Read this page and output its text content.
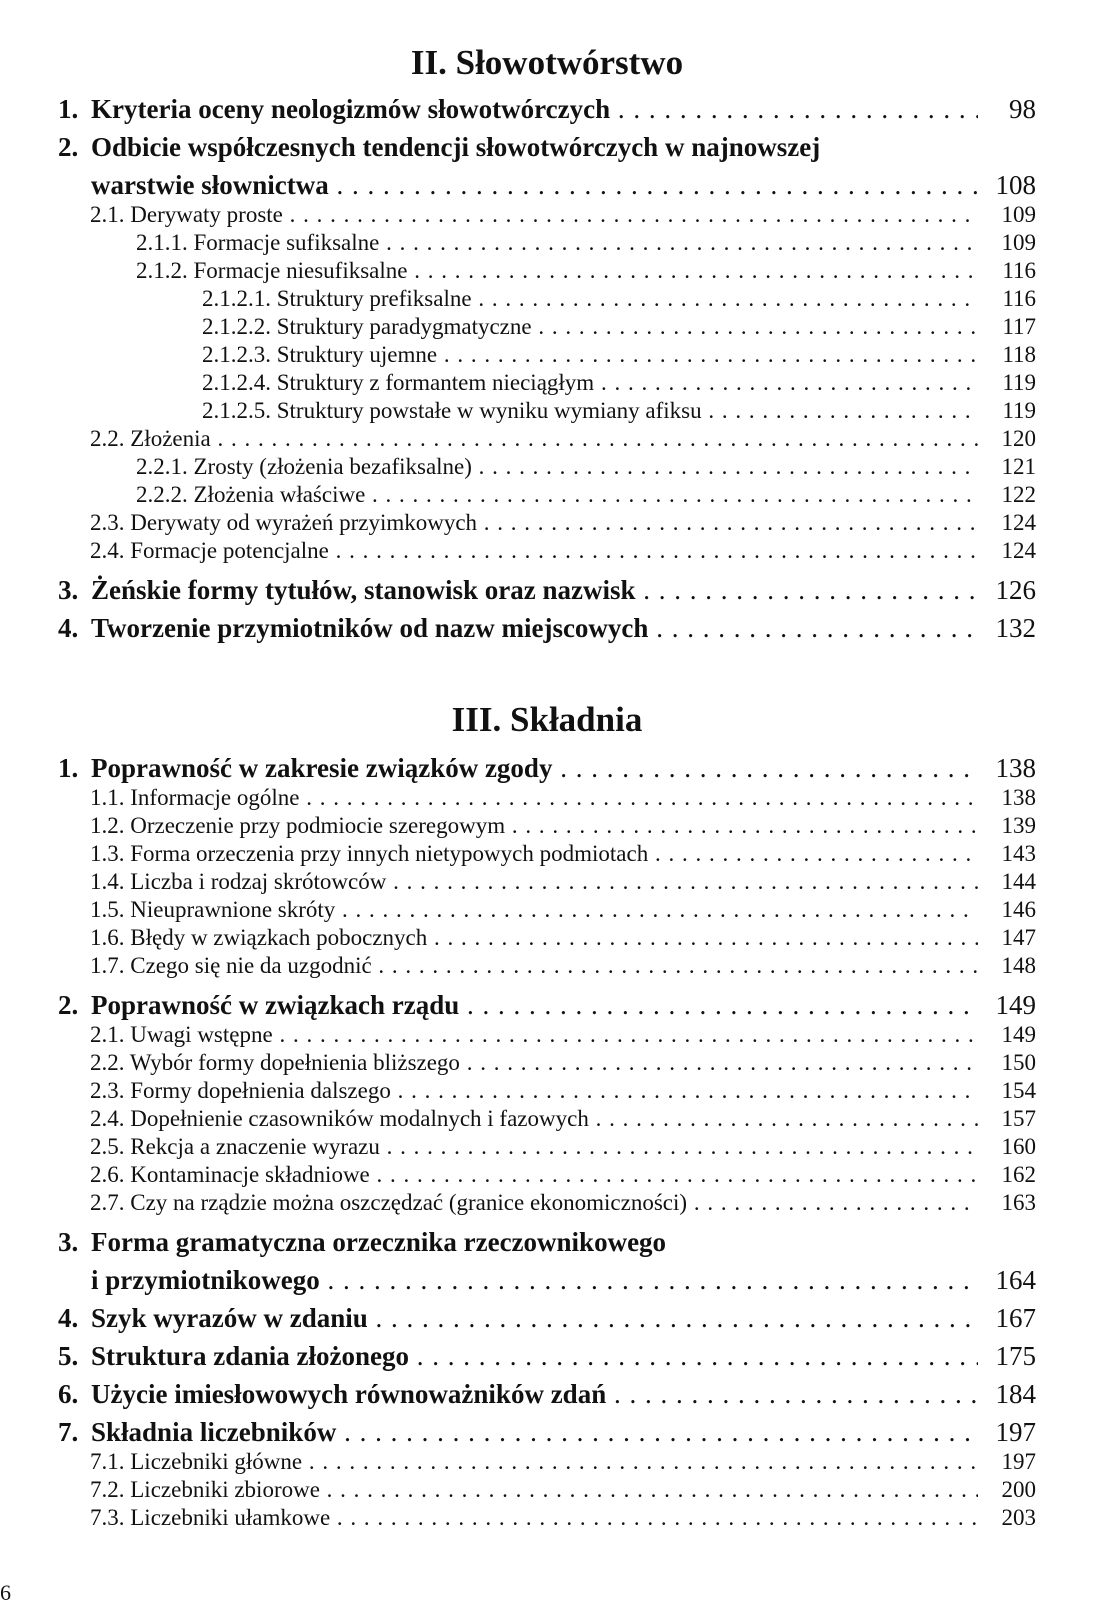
II. Słowotwórstwo
1. Kryteria oceny neologizmów słowotwórczych . . .	98
2. Odbicie współczesnych tendencji słowotwórczych w najnowszej
warstwie słownictwa . . .	108
2.1. Derywaty proste . . .	109
2.1.1. Formacje sufiksalne . . .	109
2.1.2. Formacje niesufiksalne . . .	116
2.1.2.1. Struktury prefiksalne . . .	116
2.1.2.2. Struktury paradygmatyczne . . .	117
2.1.2.3. Struktury ujemne . . .	118
2.1.2.4. Struktury z formantem nieciągłym . . .	119
2.1.2.5. Struktury powstałe w wyniku wymiany afiksu . . .	119
2.2. Złożenia . . .	120
2.2.1. Zrosty (złożenia bezafiksalne) . . .	121
2.2.2. Złożenia właściwe . . .	122
2.3. Derywaty od wyrażeń przyimkowych . . .	124
2.4. Formacje potencjalne . . .	124
3. Żeńskie formy tytułów, stanowisk oraz nazwisk . . .	126
4. Tworzenie przymiotników od nazw miejscowych . . .	132
III. Składnia
1. Poprawność w zakresie związków zgody . . .	138
1.1. Informacje ogólne . . .	138
1.2. Orzeczenie przy podmiocie szeregowym . . .	139
1.3. Forma orzeczenia przy innych nietypowych podmiotach . . .	143
1.4. Liczba i rodzaj skrótowców . . .	144
1.5. Nieuprawnione skróty . . .	146
1.6. Błędy w związkach pobocznych . . .	147
1.7. Czego się nie da uzgodnić . . .	148
2. Poprawność w związkach rządu . . .	149
2.1. Uwagi wstępne . . .	149
2.2. Wybór formy dopełnienia bliższego . . .	150
2.3. Formy dopełnienia dalszego . . .	154
2.4. Dopełnienie czasowników modalnych i fazowych . . .	157
2.5. Rekcja a znaczenie wyrazu . . .	160
2.6. Kontaminacje składniowe . . .	162
2.7. Czy na rządzie można oszczędzać (granice ekonomiczności) . . .	163
3. Forma gramatyczna orzecznika rzeczownikowego
i przymiotnikowego . . .	164
4. Szyk wyrazów w zdaniu . . .	167
5. Struktura zdania złożonego . . .	175
6. Użycie imiesłowowych równoważników zdań . . .	184
7. Składnia liczebników . . .	197
7.1. Liczebniki główne . . .	197
7.2. Liczebniki zbiorowe . . .	200
7.3. Liczebniki ułamkowe . . .	203
6
